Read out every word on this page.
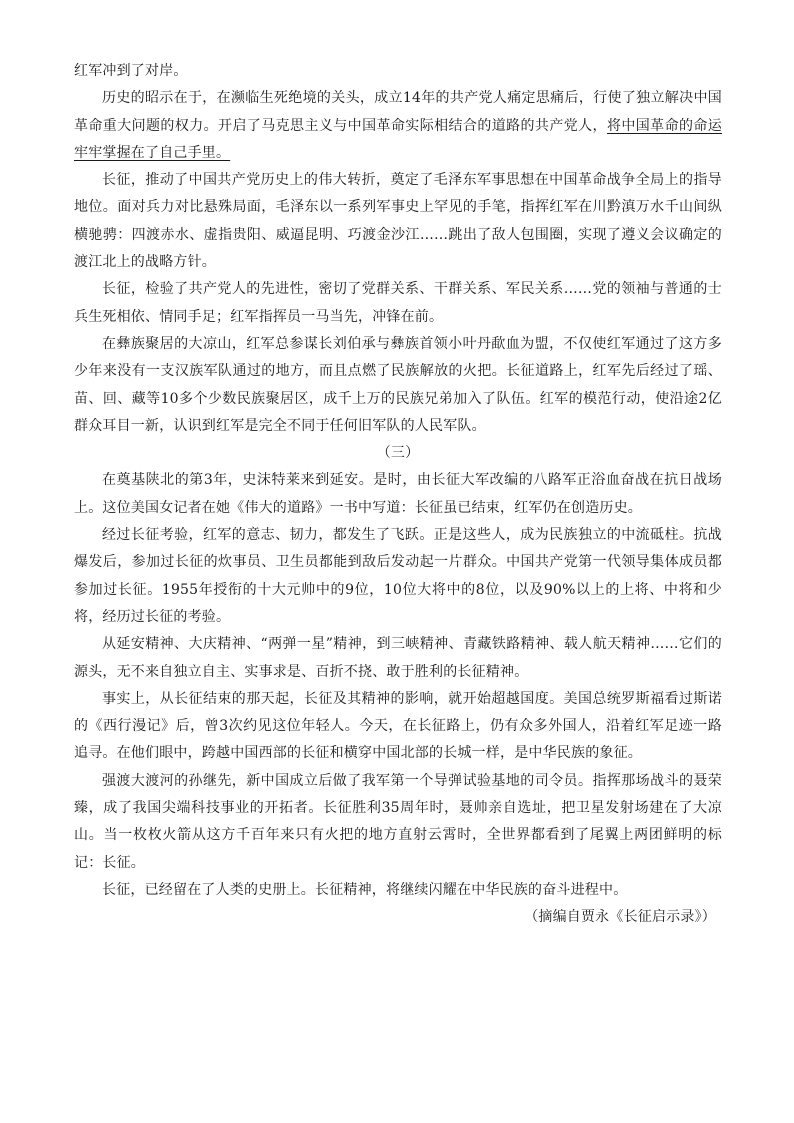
红军冲到了对岸。

历史的昭示在于，在濒临生死绝境的关头，成立14年的共产党人痛定思痛后，行使了独立解决中国革命重大问题的权力。开启了马克思主义与中国革命实际相结合的道路的共产党人，将中国革命的命运牢牢掌握在了自己手里。

长征，推动了中国共产党历史上的伟大转折，奠定了毛泽东军事思想在中国革命战争全局上的指导地位。面对兵力对比悬殊局面，毛泽东以一系列军事史上罕见的手笔，指挥红军在川黔滇万水千山间纵横驰骋：四渡赤水、虚指贵阳、威逼昆明、巧渡金沙江……跳出了敌人包围圈，实现了遵义会议确定的渡江北上的战略方针。

长征，检验了共产党人的先进性，密切了党群关系、干群关系、军民关系……党的领袖与普通的士兵生死相依、情同手足；红军指挥员一马当先，冲锋在前。

在彝族聚居的大凉山，红军总参谋长刘伯承与彝族首领小叶丹歃血为盟，不仅使红军通过了这方多少年来没有一支汉族军队通过的地方，而且点燃了民族解放的火把。长征道路上，红军先后经过了瑶、苗、回、藏等10多个少数民族聚居区，成千上万的民族兄弟加入了队伍。红军的模范行动，使沿途2亿群众耳目一新，认识到红军是完全不同于任何旧军队的人民军队。

（三）

在奠基陕北的第3年，史沫特莱来到延安。是时，由长征大军改编的八路军正浴血奋战在抗日战场上。这位美国女记者在她《伟大的道路》一书中写道：长征虽已结束，红军仍在创造历史。

经过长征考验，红军的意志、韧力，都发生了飞跃。正是这些人，成为民族独立的中流砥柱。抗战爆发后，参加过长征的炊事员、卫生员都能到敌后发动起一片群众。中国共产党第一代领导集体成员都参加过长征。1955年授衔的十大元帅中的9位，10位大将中的8位，以及90%以上的上将、中将和少将，经历过长征的考验。

从延安精神、大庆精神、“两弹一星”精神，到三峡精神、青藏铁路精神、载人航天精神……它们的源头，无不来自独立自主、实事求是、百折不挠、敢于胜利的长征精神。

事实上，从长征结束的那天起，长征及其精神的影响，就开始超越国度。美国总统罗斯福看过斯诺的《西行漫记》后，曾3次约见这位年轻人。今天，在长征路上，仍有众多外国人，沿着红军足迹一路追寻。在他们眼中，跨越中国西部的长征和横穿中国北部的长城一样，是中华民族的象征。

强渡大渡河的孙继先，新中国成立后做了我军第一个导弹试验基地的司令员。指挥那场战斗的聂荣臻，成了我国尖端科技事业的开拓者。长征胜利35周年时，聂帅亲自选址，把卫星发射场建在了大凉山。当一枚枚火箭从这方千百年来只有火把的地方直射云霄时，全世界都看到了尾翼上两团鲜明的标记：长征。

长征，已经留在了人类的史册上。长征精神，将继续闪耀在中华民族的奋斗进程中。

（摘编自贾永《长征启示录》）
